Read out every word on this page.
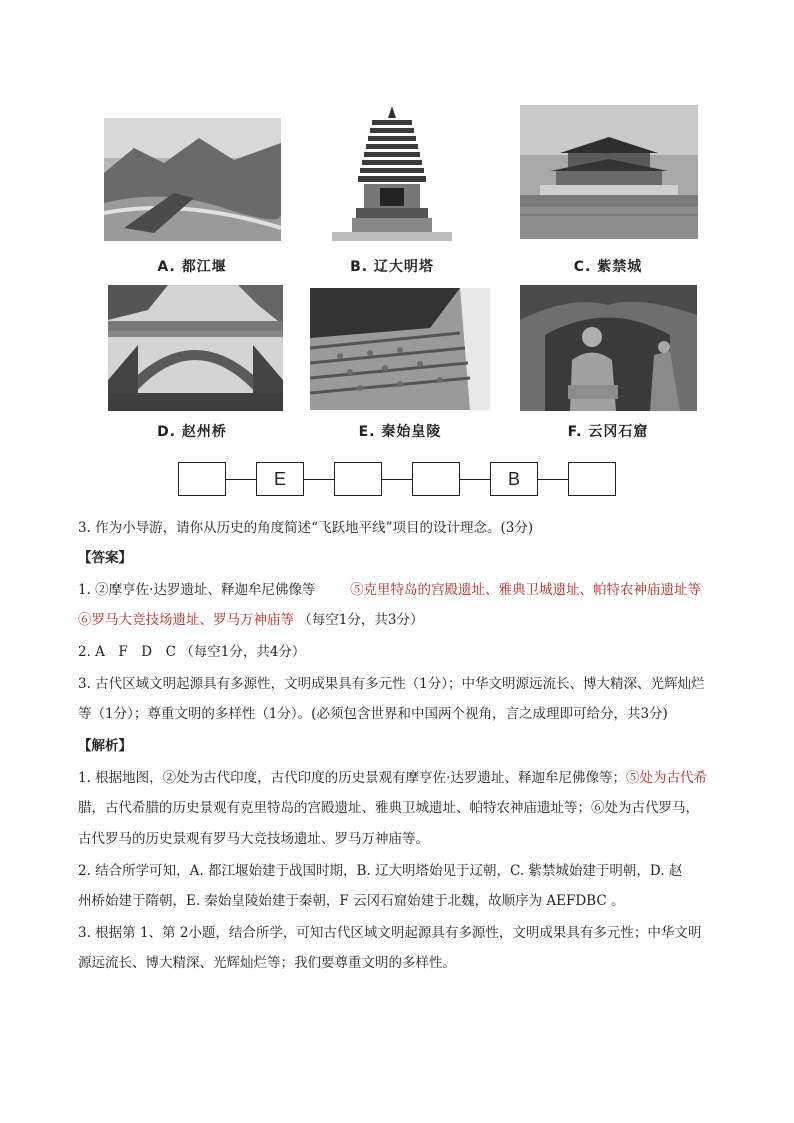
A. 都江堰	B. 辽大明塔	C. 紫禁城
D. 赵州桥	E. 秦始皇陵	F. 云冈石窟
E	B
3. 作为小导游，请你从历史的角度简述“飞跃地平线”项目的设计理念。(3分)
【答案】
1. ②摩亨佐·达罗遗址、释迦牟尼佛像等	⑤克里特岛的宫殿遗址、雅典卫城遗址、帕特农神庙遗址等
⑥罗马大竞技场遗址、罗马万神庙等 （每空1分，共3分）
2. A　F　D　C （每空1分，共4分）
3. 古代区域文明起源具有多源性，文明成果具有多元性（1分）；中华文明源远流长、博大精深、光辉灿烂
等（1分）；尊重文明的多样性（1分）。(必须包含世界和中国两个视角，言之成理即可给分，共3分)
【解析】
1. 根据地图，②处为古代印度，古代印度的历史景观有摩亨佐·达罗遗址、释迦牟尼佛像等；⑤处为古代希
腊，古代希腊的历史景观有克里特岛的宫殿遗址、雅典卫城遗址、帕特农神庙遗址等；⑥处为古代罗马，
古代罗马的历史景观有罗马大竞技场遗址、罗马万神庙等。
2. 结合所学可知，A. 都江堰始建于战国时期，B. 辽大明塔始见于辽朝，C. 紫禁城始建于明朝，D. 赵
州桥始建于隋朝，E. 秦始皇陵始建于秦朝，F 云冈石窟始建于北魏，故顺序为 AEFDBC 。
3. 根据第 1、第 2小题，结合所学，可知古代区域文明起源具有多源性，文明成果具有多元性；中华文明
源远流长、博大精深、光辉灿烂等；我们要尊重文明的多样性。
